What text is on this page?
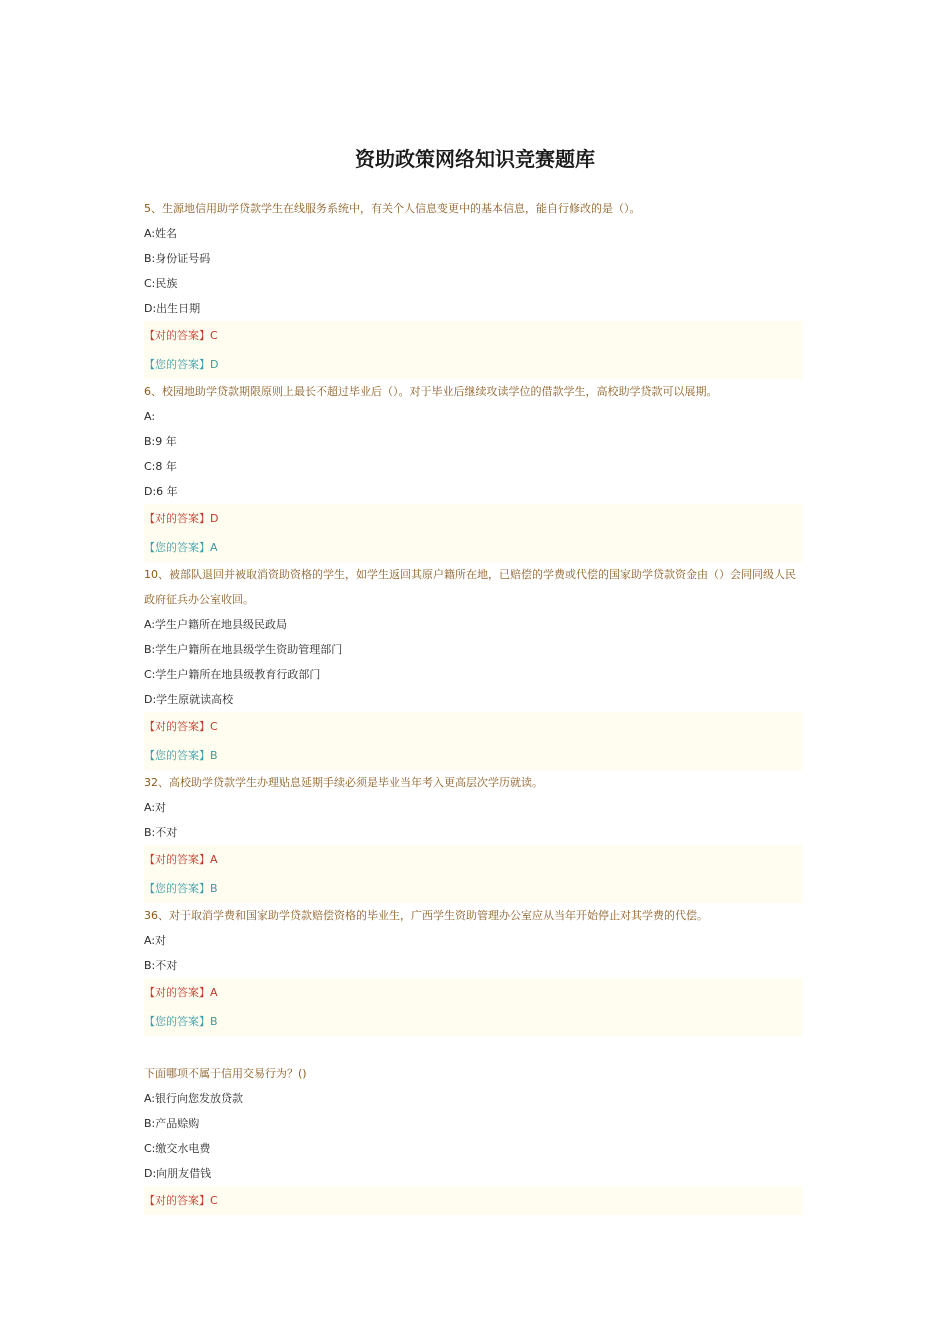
资助政策网络知识竞赛题库

5、生源地信用助学贷款学生在线服务系统中，有关个人信息变更中的基本信息，能自行修改的是（）。

A:姓名

B:身份证号码

C:民族

D:出生日期

【对的答案】C

【您的答案】D

6、校园地助学贷款期限原则上最长不超过毕业后（）。对于毕业后继续攻读学位的借款学生，高校助学贷款可以展期。

A:

B:9 年

C:8 年

D:6 年

【对的答案】D

【您的答案】A

10、被部队退回并被取消资助资格的学生，如学生返回其原户籍所在地，已赔偿的学费或代偿的国家助学贷款资金由（）会同同级人民政府征兵办公室收回。

A:学生户籍所在地县级民政局

B:学生户籍所在地县级学生资助管理部门

C:学生户籍所在地县级教育行政部门

D:学生原就读高校

【对的答案】C

【您的答案】B

32、高校助学贷款学生办理贴息延期手续必须是毕业当年考入更高层次学历就读。

A:对

B:不对

【对的答案】A

【您的答案】B

36、对于取消学费和国家助学贷款赔偿资格的毕业生，广西学生资助管理办公室应从当年开始停止对其学费的代偿。

A:对

B:不对

【对的答案】A

【您的答案】B

下面哪项不属于信用交易行为？()

A:银行向您发放贷款

B:产品赊购

C:缴交水电费

D:向朋友借钱

【对的答案】C
